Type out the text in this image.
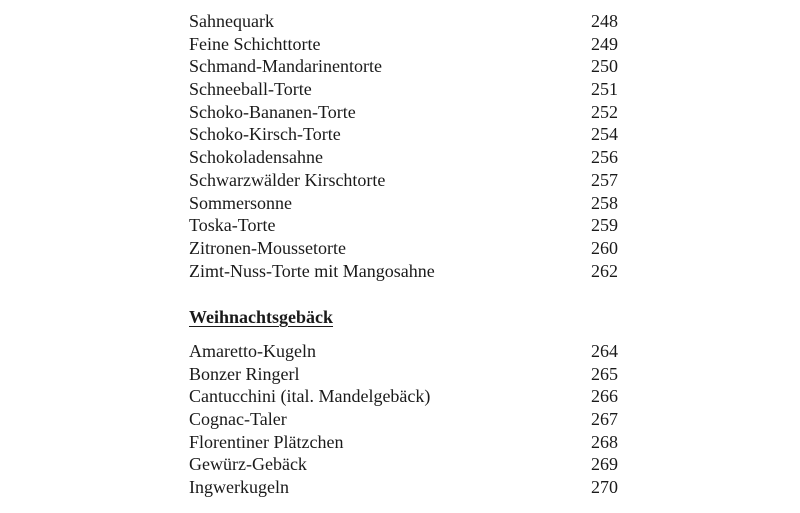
Sahnequark	248
Feine Schichttorte	249
Schmand-Mandarinentorte	250
Schneeball-Torte	251
Schoko-Bananen-Torte	252
Schoko-Kirsch-Torte	254
Schokoladensahne	256
Schwarzwälder Kirschtorte	257
Sommersonne	258
Toska-Torte	259
Zitronen-Moussetorte	260
Zimt-Nuss-Torte mit Mangosahne	262
Weihnachtsgebäck
Amaretto-Kugeln	264
Bonzer Ringerl	265
Cantucchini (ital. Mandelgebäck)	266
Cognac-Taler	267
Florentiner Plätzchen	268
Gewürz-Gebäck	269
Ingwerkugeln	270
